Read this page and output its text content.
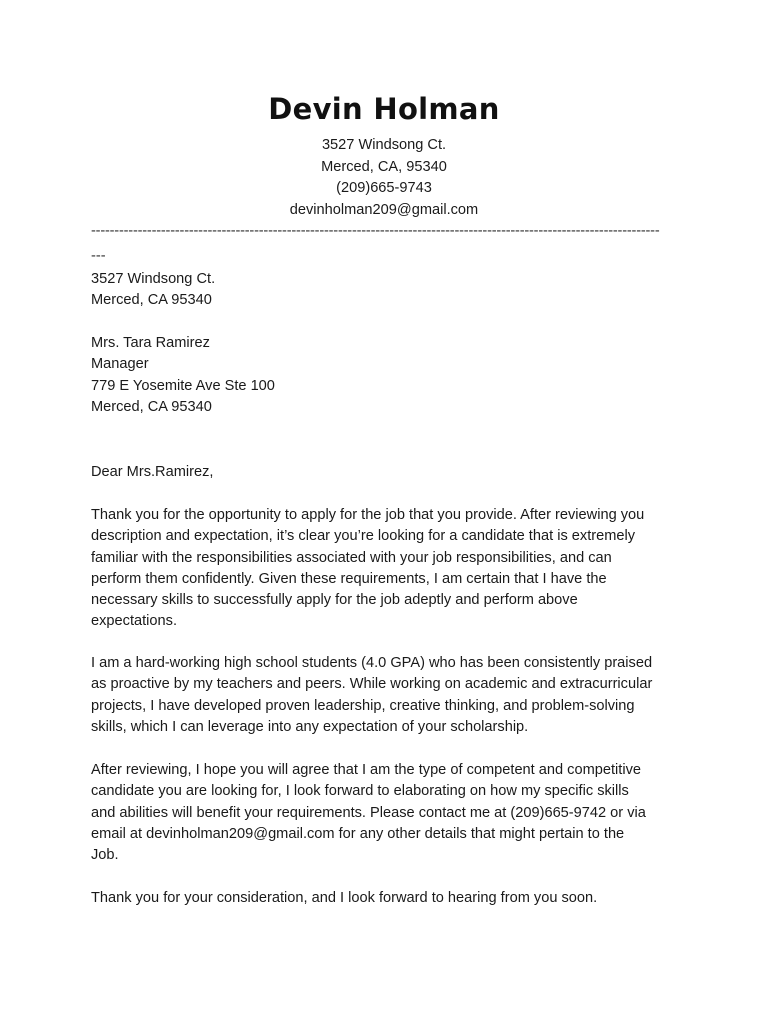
Devin Holman
3527 Windsong Ct.
Merced, CA, 95340
(209)665-9743
devinholman209@gmail.com
--------------------------------------------------------------------------------------------------------------------------
---
3527 Windsong Ct.
Merced, CA 95340
Mrs. Tara Ramirez
Manager
779 E Yosemite Ave Ste 100
Merced, CA 95340
Dear Mrs.Ramirez,
Thank you for the opportunity to apply for the job that you provide. After reviewing you
description and expectation, it’s clear you’re looking for a candidate that is extremely
familiar with the responsibilities associated with your job responsibilities, and can
perform them confidently. Given these requirements, I am certain that I have the
necessary skills to successfully apply for the job adeptly and perform above
expectations.
I am a hard-working high school students (4.0 GPA) who has been consistently praised
as proactive by my teachers and peers. While working on academic and extracurricular
projects, I have developed proven leadership, creative thinking, and problem-solving
skills, which I can leverage into any expectation of your scholarship.
After reviewing, I hope you will agree that I am the type of competent and competitive
candidate you are looking for, I look forward to elaborating on how my specific skills
and abilities will benefit your requirements. Please contact me at (209)665-9742 or via
email at devinholman209@gmail.com for any other details that might pertain to the
Job.
Thank you for your consideration, and I look forward to hearing from you soon.
